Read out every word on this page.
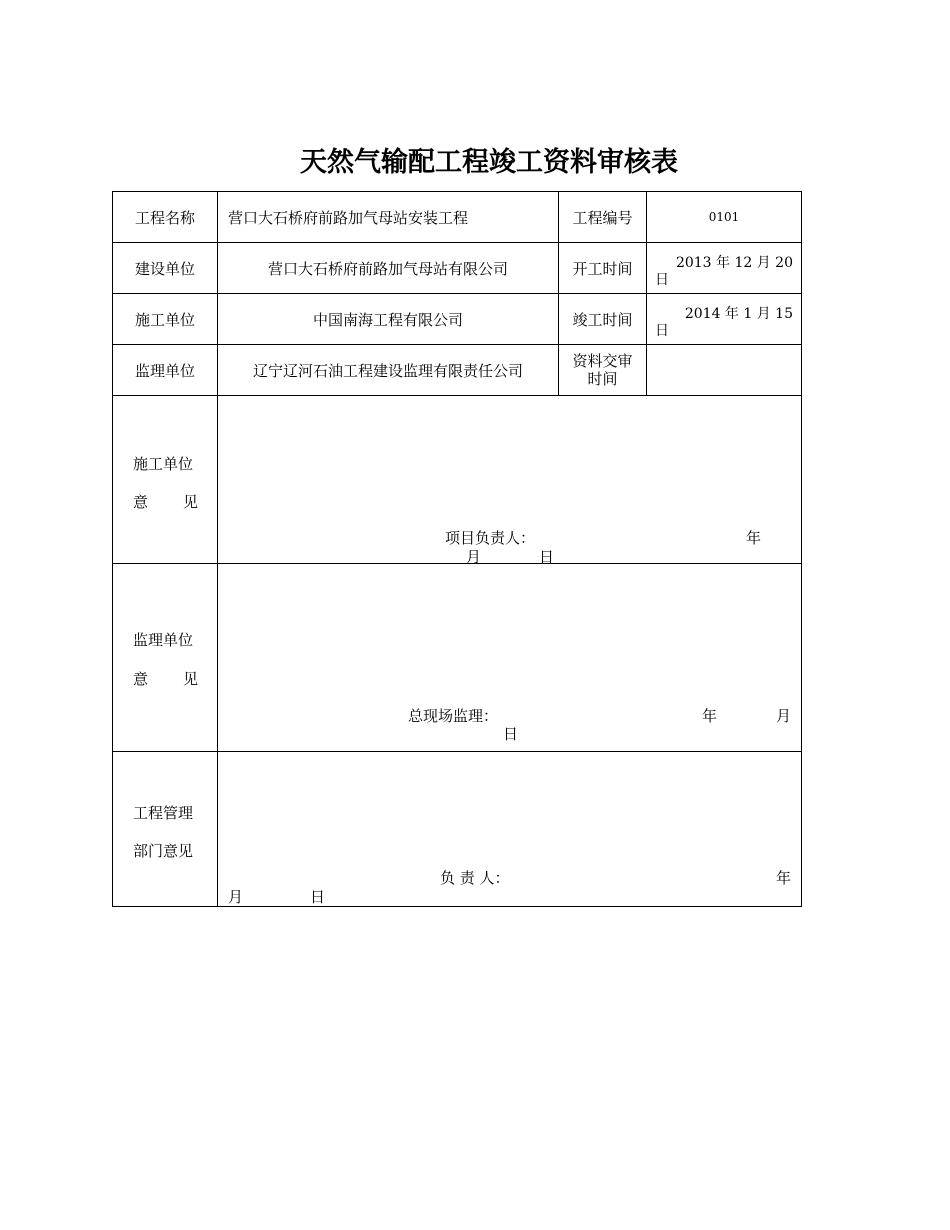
天然气输配工程竣工资料审核表
工程名称	营口大石桥府前路加气母站安装工程	工程编号	0101
建设单位	营口大石桥府前路加气母站有限公司	开工时间	2013 年 12 月 20
日

施工单位	中国南海工程有限公司	竣工时间	2014 年 1 月 15
日

监理单位	辽宁辽河石油工程建设监理有限责任公司	资料交审
时间	

施工单位
意 见	项目负责人： 年
月 日		

监理单位
意 见	总现场监理： 年 月
日		

工程管理
部门意见	负 责 人： 年
月 日		
